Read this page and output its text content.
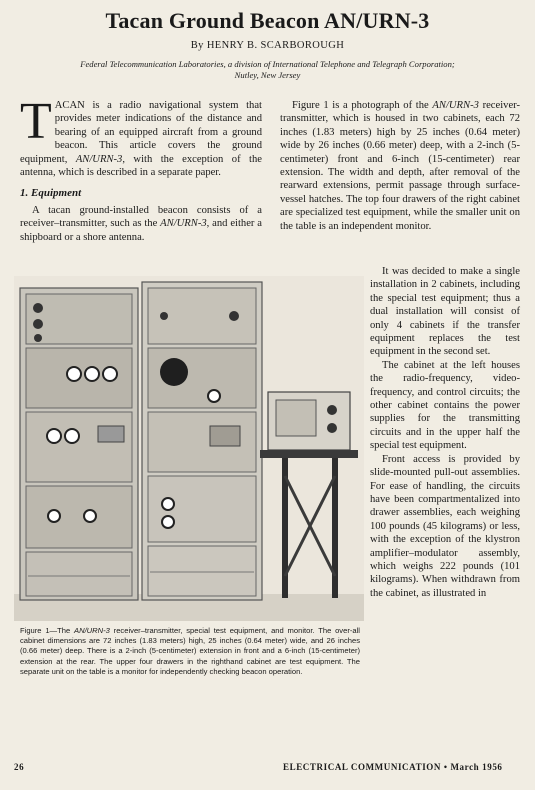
Tacan Ground Beacon AN/URN-3
By HENRY B. SCARBOROUGH
Federal Telecommunication Laboratories, a division of International Telephone and Telegraph Corporation;
Nutley, New Jersey

TACAN is a radio navigational system that provides meter indications of the distance and bearing of an equipped aircraft from a ground beacon. This article covers the ground equipment, AN/URN-3, with the exception of the antenna, which is described in a separate paper.

1. Equipment

A tacan ground-installed beacon consists of a receiver–transmitter, such as the AN/URN-3, and either a shipboard or a shore antenna.

Figure 1 is a photograph of the AN/URN-3 receiver-transmitter, which is housed in two cabinets, each 72 inches (1.83 meters) high by 25 inches (0.64 meter) wide by 26 inches (0.66 meter) deep, with a 2-inch (5-centimeter) front and 6-inch (15-centimeter) rear extension. The width and depth, after removal of the rearward extensions, permit passage through surface-vessel hatches. The top four drawers of the right cabinet are specialized test equipment, while the smaller unit on the table is an independent monitor.

It was decided to make a single installation in 2 cabinets, including the special test equipment; thus a dual installation will consist of only 4 cabinets if the transfer equipment replaces the test equipment in the second set.

The cabinet at the left houses the radio-frequency, video-frequency, and control circuits; the other cabinet contains the power supplies for the transmitting circuits and in the upper half the special test equipment.

Front access is provided by slide-mounted pull-out assemblies. For ease of handling, the circuits have been compartmentalized into drawer assemblies, each weighing 100 pounds (45 kilograms) or less, with the exception of the klystron amplifier–modulator assembly, which weighs 222 pounds (101 kilograms). When withdrawn from the cabinet, as illustrated in

Figure 1—The AN/URN-3 receiver–transmitter, special test equipment, and monitor. The over-all cabinet dimensions are 72 inches (1.83 meters) high, 25 inches (0.64 meter) wide, and 26 inches (0.66 meter) deep. There is a 2-inch (5-centimeter) extension in front and a 6-inch (15-centimeter) extension at the rear. The upper four drawers in the righthand cabinet are test equipment. The separate unit on the table is a monitor for independently checking beacon operation.
26	ELECTRICAL COMMUNICATION • March 1956
